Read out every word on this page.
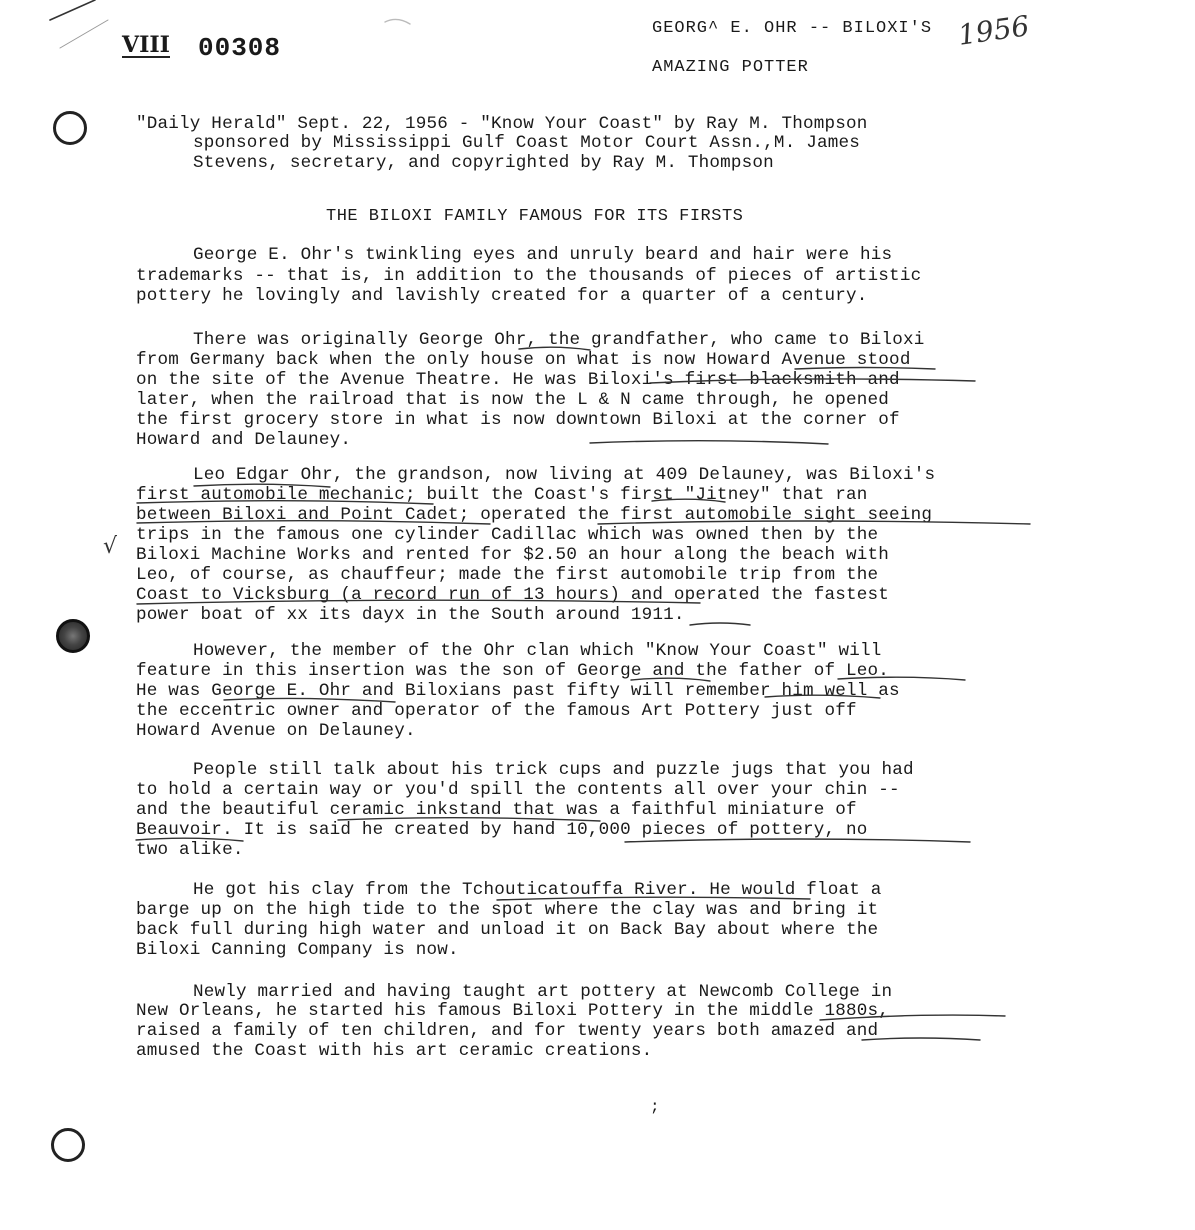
VIII 00308
GEORG^ E. OHR -- BILOXI'S 1956
AMAZING POTTER
"Daily Herald" Sept. 22, 1956 - "Know Your Coast" by Ray M. Thompson
sponsored by Mississippi Gulf Coast Motor Court Assn.,M. James
Stevens, secretary, and copyrighted by Ray M. Thompson
THE BILOXI FAMILY FAMOUS FOR ITS FIRSTS
George E. Ohr's twinkling eyes and unruly beard and hair were his
trademarks -- that is, in addition to the thousands of pieces of artistic
pottery he lovingly and lavishly created for a quarter of a century.
There was originally George Ohr, the grandfather, who came to Biloxi
from Germany back when the only house on what is now Howard Avenue stood
on the site of the Avenue Theatre. He was Biloxi's first blacksmith and
later, when the railroad that is now the L & N came through, he opened
the first grocery store in what is now downtown Biloxi at the corner of
Howard and Delauney.
Leo Edgar Ohr, the grandson, now living at 409 Delauney, was Biloxi's
first automobile mechanic; built the Coast's first "Jitney" that ran
between Biloxi and Point Cadet; operated the first automobile sight seeing
trips in the famous one cylinder Cadillac which was owned then by the
Biloxi Machine Works and rented for $2.50 an hour along the beach with
Leo, of course, as chauffeur; made the first automobile trip from the
Coast to Vicksburg (a record run of 13 hours) and operated the fastest
power boat of xx its dayx in the South around 1911.
√
However, the member of the Ohr clan which "Know Your Coast" will
feature in this insertion was the son of George and the father of Leo.
He was George E. Ohr and Biloxians past fifty will remember him well as
the eccentric owner and operator of the famous Art Pottery just off
Howard Avenue on Delauney.
People still talk about his trick cups and puzzle jugs that you had
to hold a certain way or you'd spill the contents all over your chin --
and the beautiful ceramic inkstand that was a faithful miniature of
Beauvoir. It is said he created by hand 10,000 pieces of pottery, no
two alike.
He got his clay from the Tchouticatouffa River. He would float a
barge up on the high tide to the spot where the clay was and bring it
back full during high water and unload it on Back Bay about where the
Biloxi Canning Company is now.
Newly married and having taught art pottery at Newcomb College in
New Orleans, he started his famous Biloxi Pottery in the middle 1880s,
raised a family of ten children, and for twenty years both amazed and
amused the Coast with his art ceramic creations.
;
